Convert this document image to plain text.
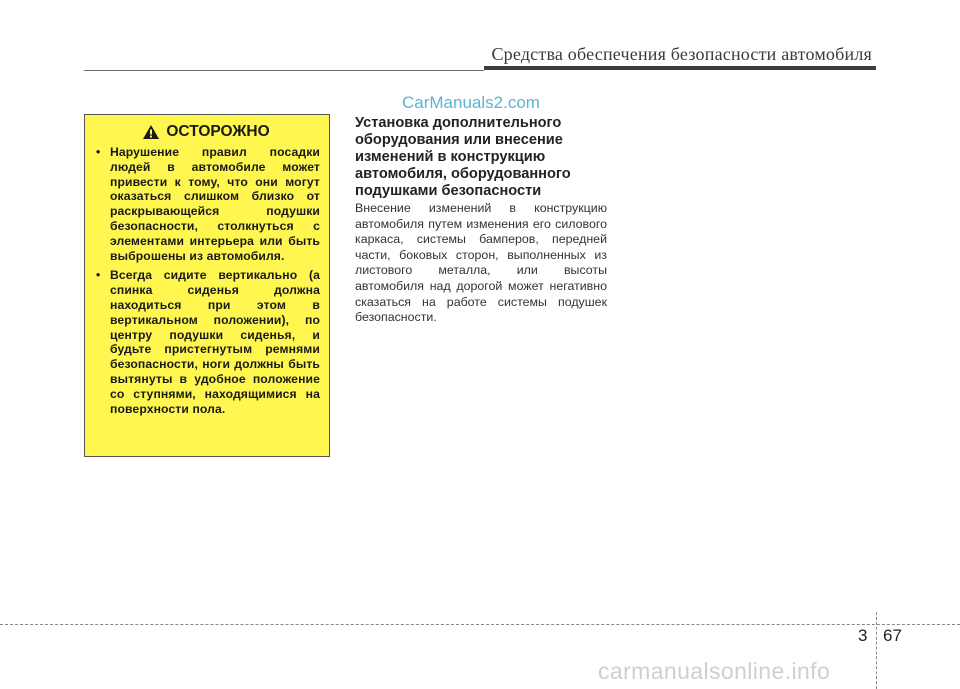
Средства обеспечения безопасности автомобиля
CarManuals2.com
ОСТОРОЖНО
• Нарушение правил посадки людей в автомобиле может привести к тому, что они могут оказаться слишком близко от раскрывающейся подушки безопасности, столкнуться с элементами интерьера или быть выброшены из автомобиля.
• Всегда сидите вертикально (а спинка сиденья должна находиться при этом в вертикальном положении), по центру подушки сиденья, и будьте пристегнутым ремнями безопасности, ноги должны быть вытянуты в удобное положение со ступнями, находящимися на поверхности пола.
Установка дополнительного оборудования или внесение изменений в конструкцию автомобиля, оборудованного подушками безопасности

Внесение изменений в конструкцию автомобиля путем изменения его силового каркаса, системы бамперов, передней части, боковых сторон, выполненных из листового металла, или высоты автомобиля над дорогой может негативно сказаться на работе системы подушек безопасности.

3 67
carmanualsonline.info
